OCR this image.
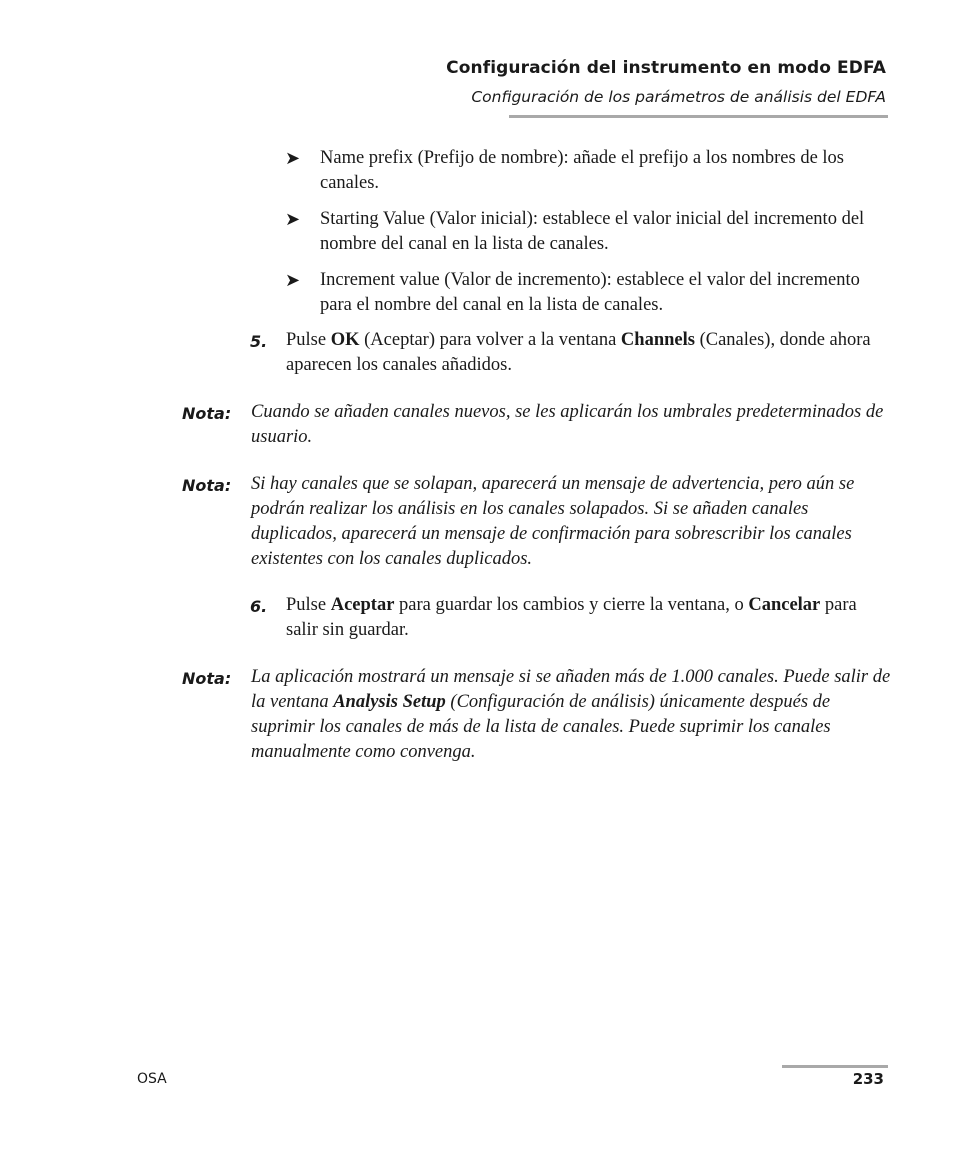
Configuración del instrumento en modo EDFA
Configuración de los parámetros de análisis del EDFA
➤	Name prefix (Prefijo de nombre): añade el prefijo a los nombres de los canales.
➤	Starting Value (Valor inicial): establece el valor inicial del incremento del nombre del canal en la lista de canales.
➤	Increment value (Valor de incremento): establece el valor del incremento para el nombre del canal en la lista de canales.
5. Pulse OK (Aceptar) para volver a la ventana Channels (Canales), donde ahora aparecen los canales añadidos.
Nota: Cuando se añaden canales nuevos, se les aplicarán los umbrales predeterminados de usuario.
Nota: Si hay canales que se solapan, aparecerá un mensaje de advertencia, pero aún se podrán realizar los análisis en los canales solapados. Si se añaden canales duplicados, aparecerá un mensaje de confirmación para sobrescribir los canales existentes con los canales duplicados.
6. Pulse Aceptar para guardar los cambios y cierre la ventana, o Cancelar para salir sin guardar.
Nota: La aplicación mostrará un mensaje si se añaden más de 1.000 canales. Puede salir de la ventana Analysis Setup (Configuración de análisis) únicamente después de suprimir los canales de más de la lista de canales. Puede suprimir los canales manualmente como convenga.
OSA	233
